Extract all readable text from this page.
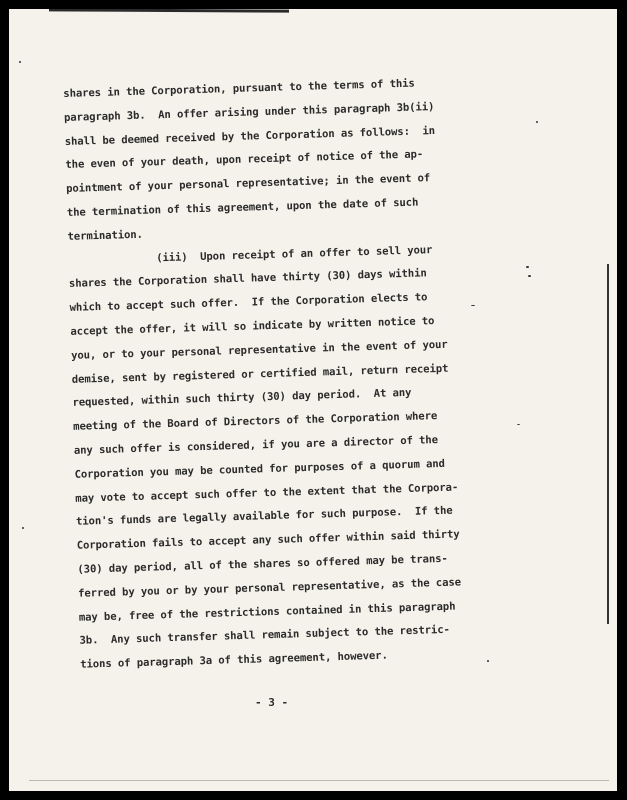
shares in the Corporation, pursuant to the terms of this
paragraph 3b.  An offer arising under this paragraph 3b(ii)
shall be deemed received by the Corporation as follows:  in
the even of your death, upon receipt of notice of the ap-
pointment of your personal representative; in the event of
the termination of this agreement, upon the date of such
termination.
(iii)  Upon receipt of an offer to sell your
shares the Corporation shall have thirty (30) days within
which to accept such offer.  If the Corporation elects to
accept the offer, it will so indicate by written notice to
you, or to your personal representative in the event of your
demise, sent by registered or certified mail, return receipt
requested, within such thirty (30) day period.  At any
meeting of the Board of Directors of the Corporation where
any such offer is considered, if you are a director of the
Corporation you may be counted for purposes of a quorum and
may vote to accept such offer to the extent that the Corpora-
tion's funds are legally available for such purpose.  If the
Corporation fails to accept any such offer within said thirty
(30) day period, all of the shares so offered may be trans-
ferred by you or by your personal representative, as the case
may be, free of the restrictions contained in this paragraph
3b.  Any such transfer shall remain subject to the restric-
tions of paragraph 3a of this agreement, however.
- 3 -
